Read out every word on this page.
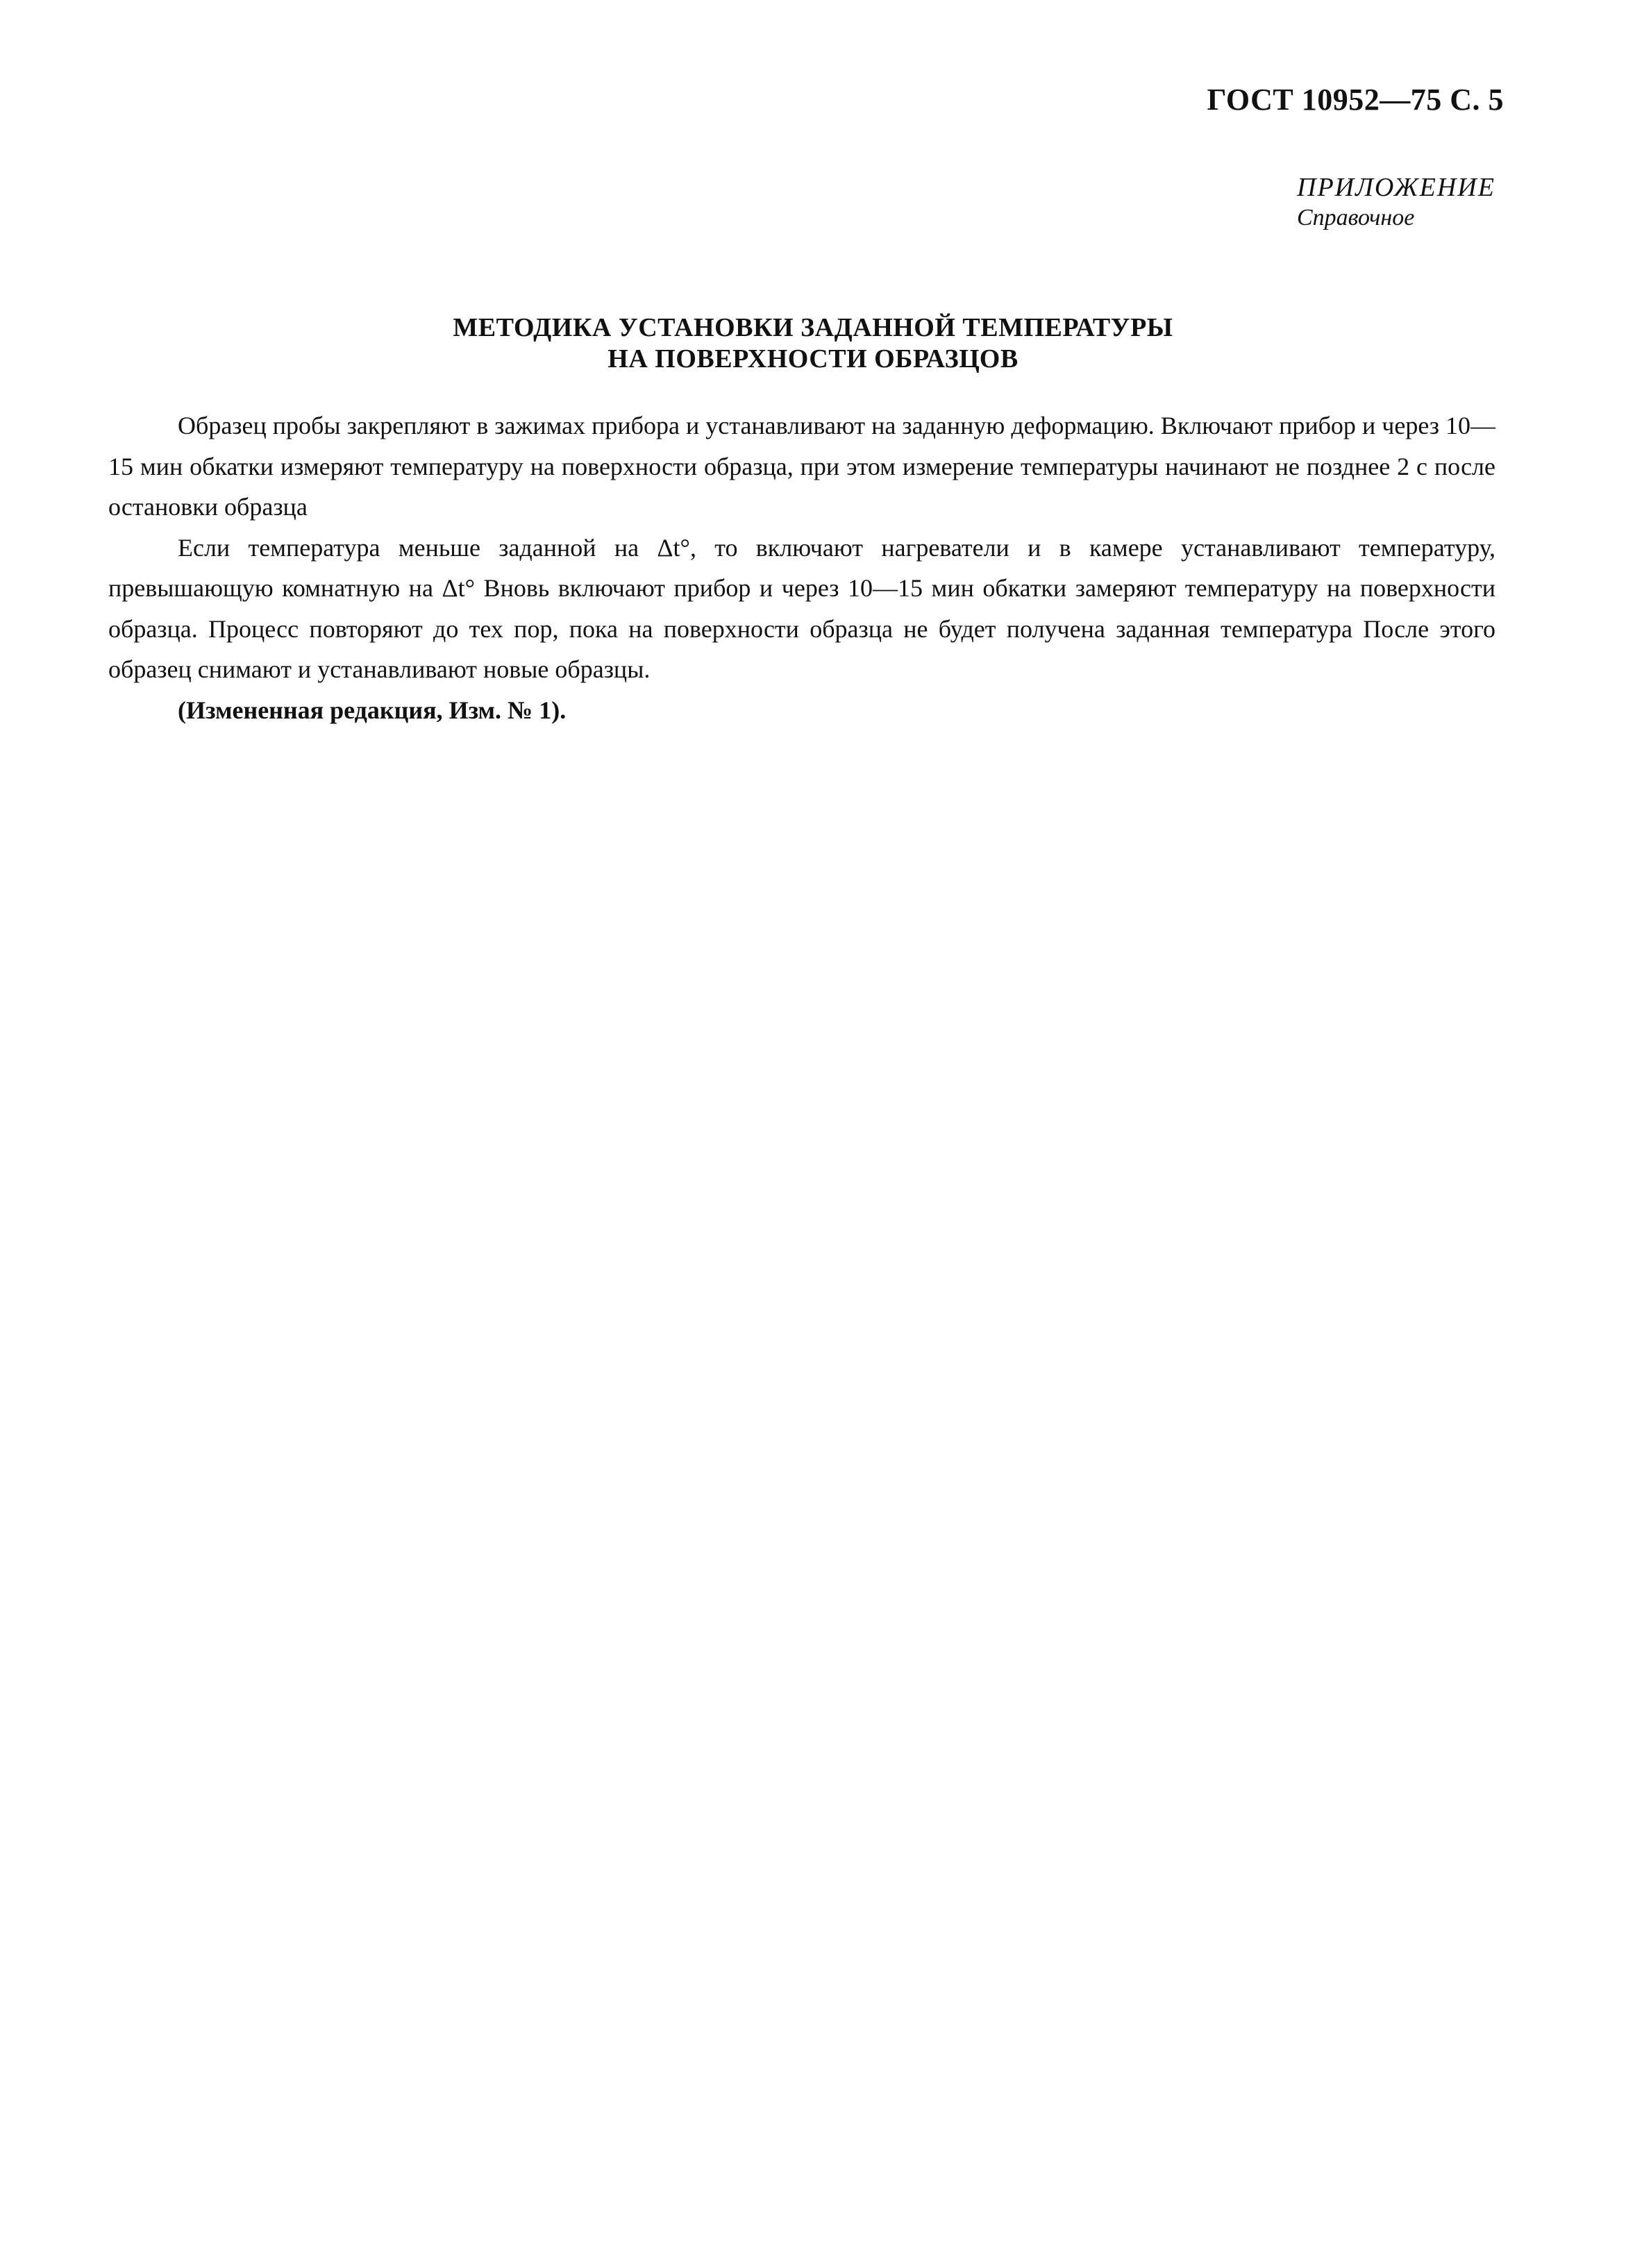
ГОСТ 10952—75 С. 5
ПРИЛОЖЕНИЕ
Справочное
МЕТОДИКА УСТАНОВКИ ЗАДАННОЙ ТЕМПЕРАТУРЫ
НА ПОВЕРХНОСТИ ОБРАЗЦОВ

Образец пробы закрепляют в зажимах прибора и устанавливают на заданную деформацию. Включают прибор и через 10—15 мин обкатки измеряют температуру на поверхности образца, при этом измерение температуры начинают не позднее 2 с после остановки образца

Если температура меньше заданной на Δt°, то включают нагреватели и в камере устанавливают температуру, превышающую комнатную на Δt° Вновь включают прибор и через 10—15 мин обкатки замеряют температуру на поверхности образца. Процесс повторяют до тех пор, пока на поверхности образца не будет получена заданная температура После этого образец снимают и устанавливают новые образцы.

(Измененная редакция, Изм. № 1).
